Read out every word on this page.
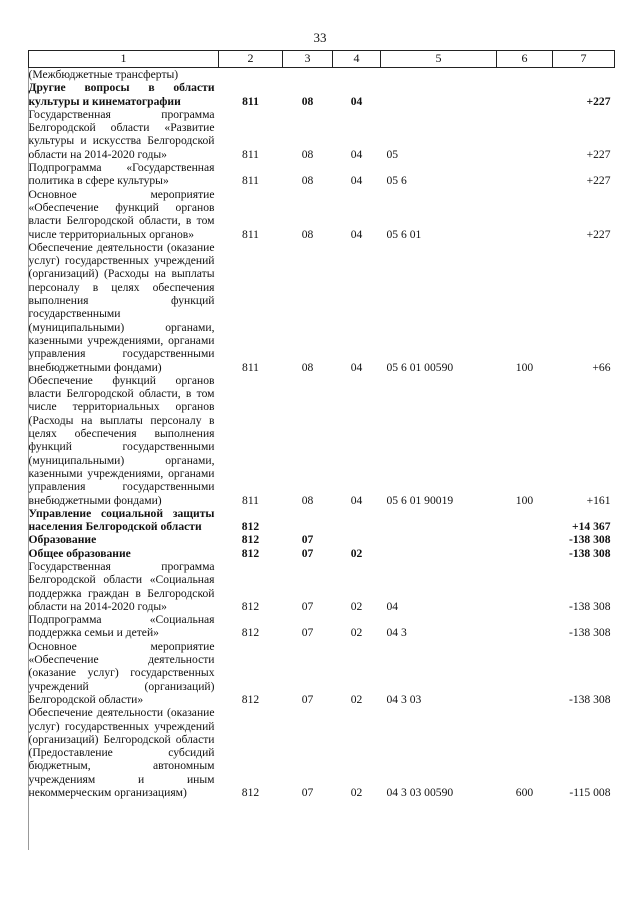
33
1	2	3	4	5	6	7
(Межбюджетные трансферты)						
Другие вопросы в области культуры и кинематографии	811	08	04			+227
Государственная программа Белгородской области «Развитие культуры и искусства Белгородской области на 2014-2020 годы»	811	08	04	05		+227
Подпрограмма «Государственная политика в сфере культуры»	811	08	04	05 6		+227
Основное мероприятие «Обеспечение функций органов власти Белгородской области, в том числе территориальных органов»	811	08	04	05 6 01		+227
Обеспечение деятельности (оказание услуг) государственных учреждений (организаций) (Расходы на выплаты персоналу в целях обеспечения выполнения функций государственными (муниципальными) органами, казенными учреждениями, органами управления государственными внебюджетными фондами)	811	08	04	05 6 01 00590	100	+66
Обеспечение функций органов власти Белгородской области, в том числе территориальных органов (Расходы на выплаты персоналу в целях обеспечения выполнения функций государственными (муниципальными) органами, казенными учреждениями, органами управления государственными внебюджетными фондами)	811	08	04	05 6 01 90019	100	+161
Управление социальной защиты населения Белгородской области	812					+14 367
Образование	812	07				-138 308
Общее образование	812	07	02			-138 308
Государственная программа Белгородской области «Социальная поддержка граждан в Белгородской области на 2014-2020 годы»	812	07	02	04		-138 308
Подпрограмма «Социальная поддержка семьи и детей»	812	07	02	04 3		-138 308
Основное мероприятие «Обеспечение деятельности (оказание услуг) государственных учреждений (организаций) Белгородской области»	812	07	02	04 3 03		-138 308
Обеспечение деятельности (оказание услуг) государственных учреждений (организаций) Белгородской области (Предоставление субсидий бюджетным, автономным учреждениям и иным некоммерческим организациям)	812	07	02	04 3 03 00590	600	-115 008
